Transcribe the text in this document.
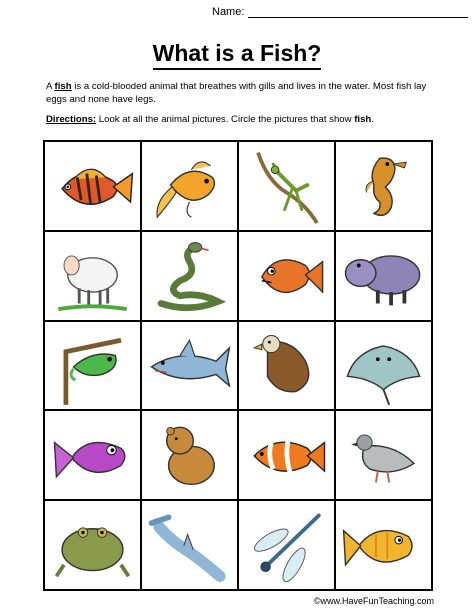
Name:
What is a Fish?
A fish is a cold-blooded animal that breathes with gills and lives in the water. Most fish lay eggs and none have legs.
Directions: Look at all the animal pictures. Circle the pictures that show fish.
©www.HaveFunTeaching.com
